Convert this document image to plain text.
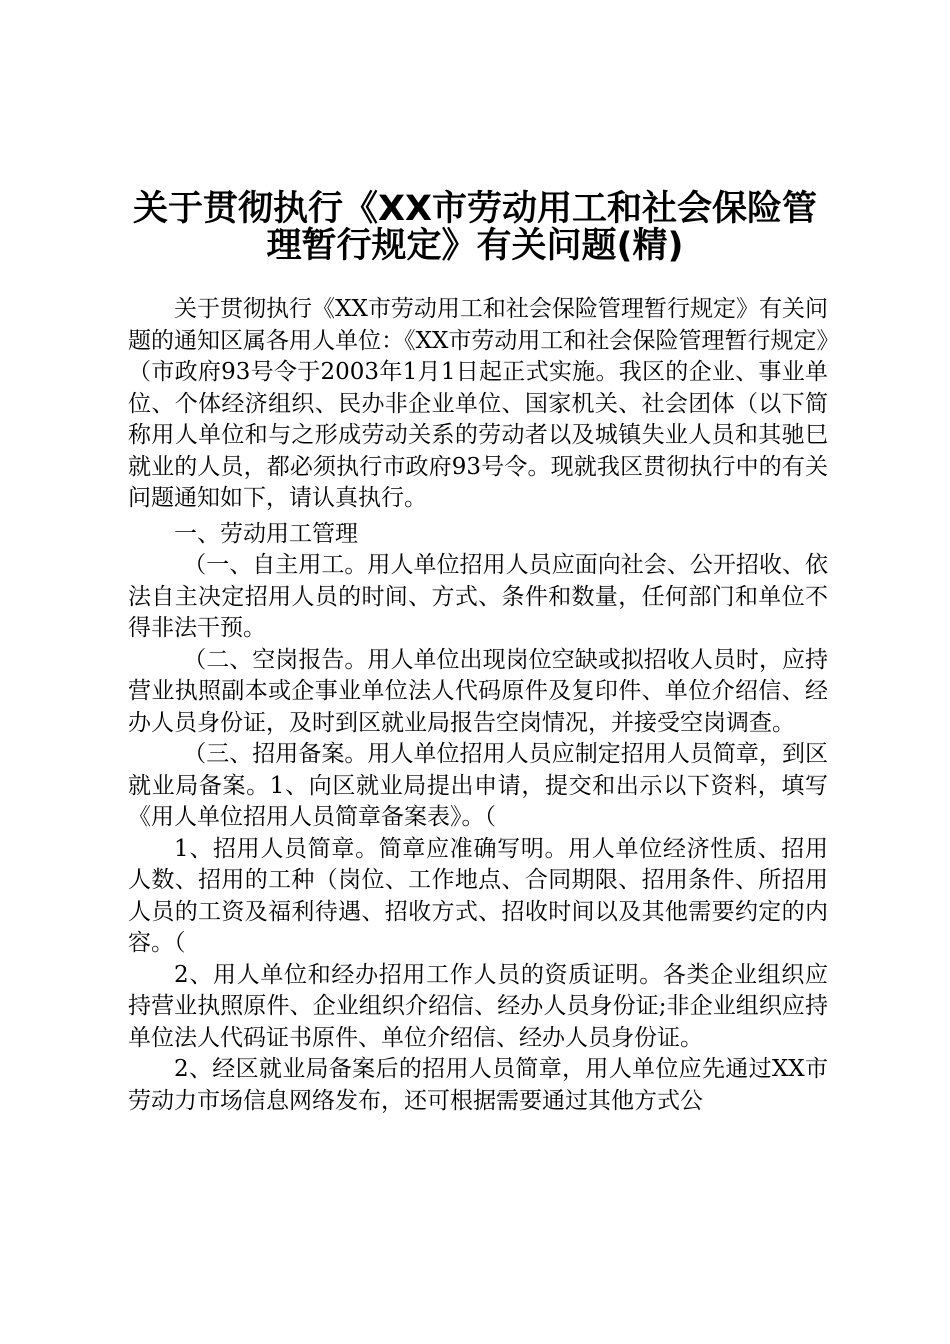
关于贯彻执行《XX市劳动用工和社会保险管
理暂行规定》有关问题(精)

关于贯彻执行《XX市劳动用工和社会保险管理暂行规定》有关问题的通知区属各用人单位：《XX市劳动用工和社会保险管理暂行规定》（市政府93号令于2003年1月1日起正式实施。我区的企业、事业单位、个体经济组织、民办非企业单位、国家机关、社会团体（以下简称用人单位和与之形成劳动关系的劳动者以及城镇失业人员和其驰巳就业的人员，都必须执行市政府93号令。现就我区贯彻执行中的有关问题通知如下，请认真执行。

一、劳动用工管理

（一、自主用工。用人单位招用人员应面向社会、公开招收、依法自主决定招用人员的时间、方式、条件和数量，任何部门和单位不得非法干预。

（二、空岗报告。用人单位出现岗位空缺或拟招收人员时，应持营业执照副本或企事业单位法人代码原件及复印件、单位介绍信、经办人员身份证，及时到区就业局报告空岗情况，并接受空岗调查。

（三、招用备案。用人单位招用人员应制定招用人员简章，到区就业局备案。1、向区就业局提出申请，提交和出示以下资料，填写《用人单位招用人员简章备案表》。（

1、招用人员简章。简章应准确写明。用人单位经济性质、招用人数、招用的工种（岗位、工作地点、合同期限、招用条件、所招用人员的工资及福利待遇、招收方式、招收时间以及其他需要约定的内容。（

2、用人单位和经办招用工作人员的资质证明。各类企业组织应持营业执照原件、企业组织介绍信、经办人员身份证;非企业组织应持单位法人代码证书原件、单位介绍信、经办人员身份证。

2、经区就业局备案后的招用人员简章，用人单位应先通过XX市劳动力市场信息网络发布，还可根据需要通过其他方式公
